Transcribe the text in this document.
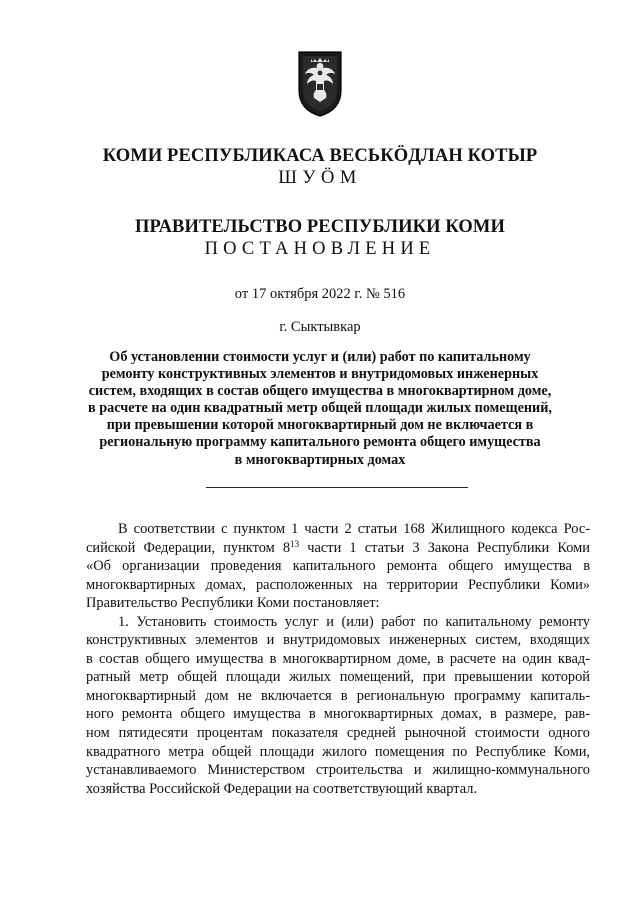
КОМИ РЕСПУБЛИКАСА ВЕСЬКӦДЛАН КОТЫР
ШУӦМ
ПРАВИТЕЛЬСТВО РЕСПУБЛИКИ КОМИ
ПОСТАНОВЛЕНИЕ
от 17 октября 2022 г. № 516
г. Сыктывкар
Об установлении стоимости услуг и (или) работ по капитальному
ремонту конструктивных элементов и внутридомовых инженерных
систем, входящих в состав общего имущества в многоквартирном доме,
в расчете на один квадратный метр общей площади жилых помещений,
при превышении которой многоквартирный дом не включается в
региональную программу капитального ремонта общего имущества
в многоквартирных домах
В соответствии с пунктом 1 части 2 статьи 168 Жилищного кодекса Рос-
сийской Федерации, пунктом $8^{13}$ части 1 статьи 3 Закона Республики Коми
«Об организации проведения капитального ремонта общего имущества в
многоквартирных домах, расположенных на территории Республики Коми»
Правительство Республики Коми постановляет:
1. Установить стоимость услуг и (или) работ по капитальному ремонту
конструктивных элементов и внутридомовых инженерных систем, входящих
в состав общего имущества в многоквартирном доме, в расчете на один квад-
ратный метр общей площади жилых помещений, при превышении которой
многоквартирный дом не включается в региональную программу капиталь-
ного ремонта общего имущества в многоквартирных домах, в размере, рав-
ном пятидесяти процентам показателя средней рыночной стоимости одного
квадратного метра общей площади жилого помещения по Республике Коми,
устанавливаемого Министерством строительства и жилищно-коммунального
хозяйства Российской Федерации на соответствующий квартал.
